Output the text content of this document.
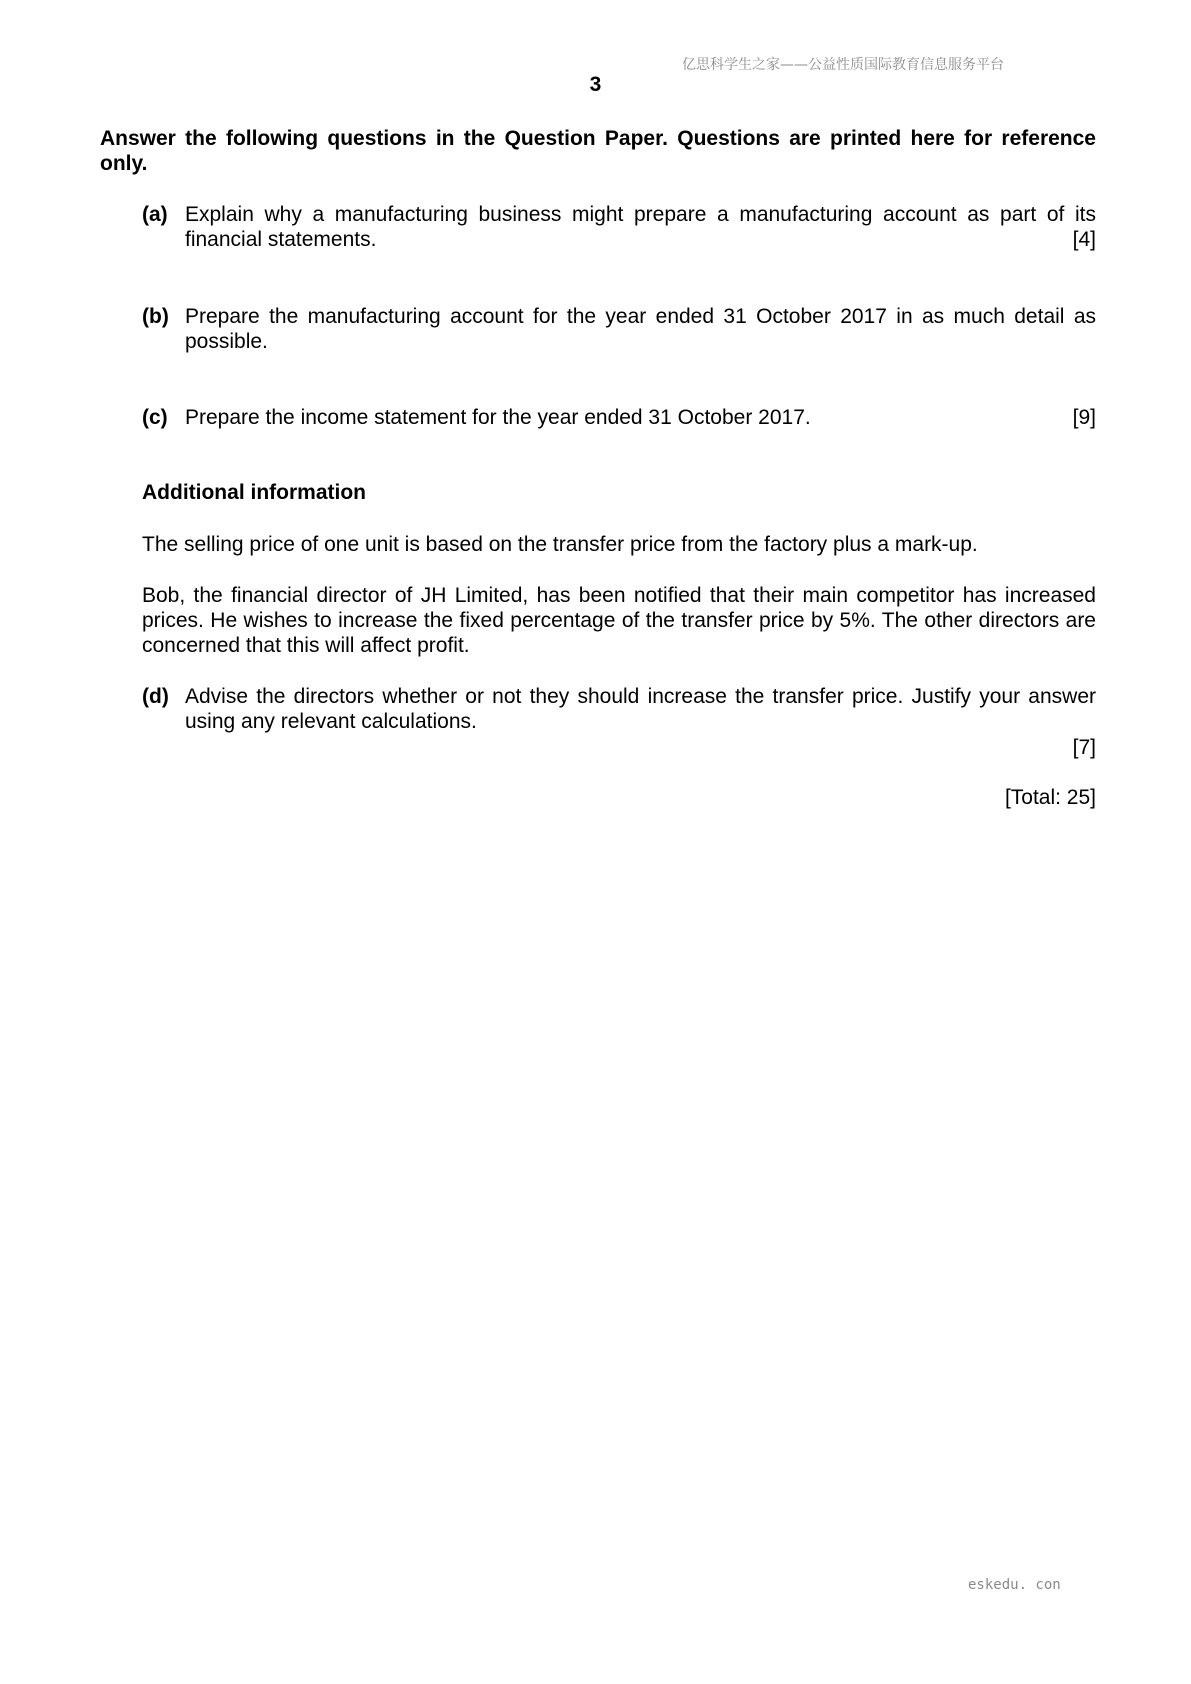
亿思科学生之家——公益性质国际教育信息服务平台
3
Answer the following questions in the Question Paper. Questions are printed here for reference only.
(a) Explain why a manufacturing business might prepare a manufacturing account as part of its financial statements.	[4]
(b) Prepare the manufacturing account for the year ended 31 October 2017 in as much detail as possible.
(c) Prepare the income statement for the year ended 31 October 2017.	[9]
Additional information
The selling price of one unit is based on the transfer price from the factory plus a mark-up.
Bob, the financial director of JH Limited, has been notified that their main competitor has increased prices. He wishes to increase the fixed percentage of the transfer price by 5%. The other directors are concerned that this will affect profit.
(d) Advise the directors whether or not they should increase the transfer price. Justify your answer using any relevant calculations.
[7]
[Total: 25]
eskedu. con
